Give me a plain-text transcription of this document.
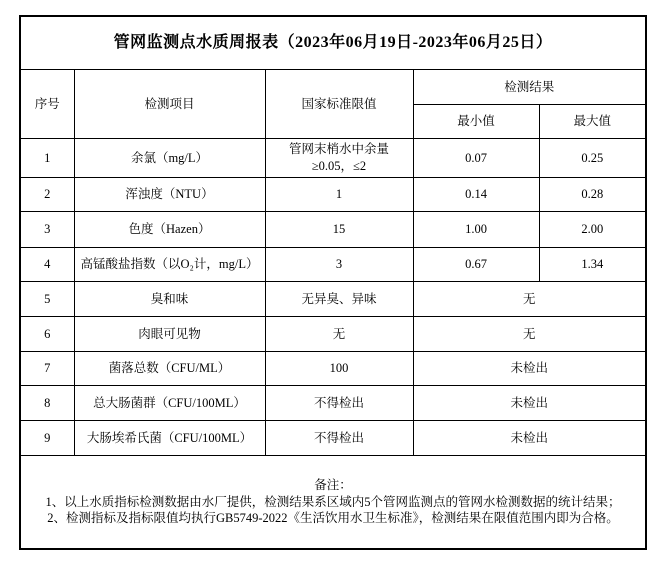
管网监测点水质周报表（2023年06月19日-2023年06月25日）				
序号	检测项目	国家标准限值	检测结果	
			最小值	最大值
1	余氯（mg/L）	管网末梢水中余量≥0.05，≤2	0.07	0.25
2	浑浊度（NTU）	1	0.14	0.28
3	色度（Hazen）	15	1.00	2.00
4	高锰酸盐指数（以O₂计，mg/L）	3	0.67	1.34
5	臭和味	无异臭、异味	无	
6	肉眼可见物	无	无	
7	菌落总数（CFU/ML）	100	未检出	
8	总大肠菌群（CFU/100ML）	不得检出	未检出	
9	大肠埃希氏菌（CFU/100ML）	不得检出	未检出	

备注：
1、以上水质指标检测数据由水厂提供，检测结果系区域内5个管网监测点的管网水检测数据的统计结果；
2、检测指标及指标限值均执行GB5749-2022《生活饮用水卫生标准》，检测结果在限值范围内即为合格。				
